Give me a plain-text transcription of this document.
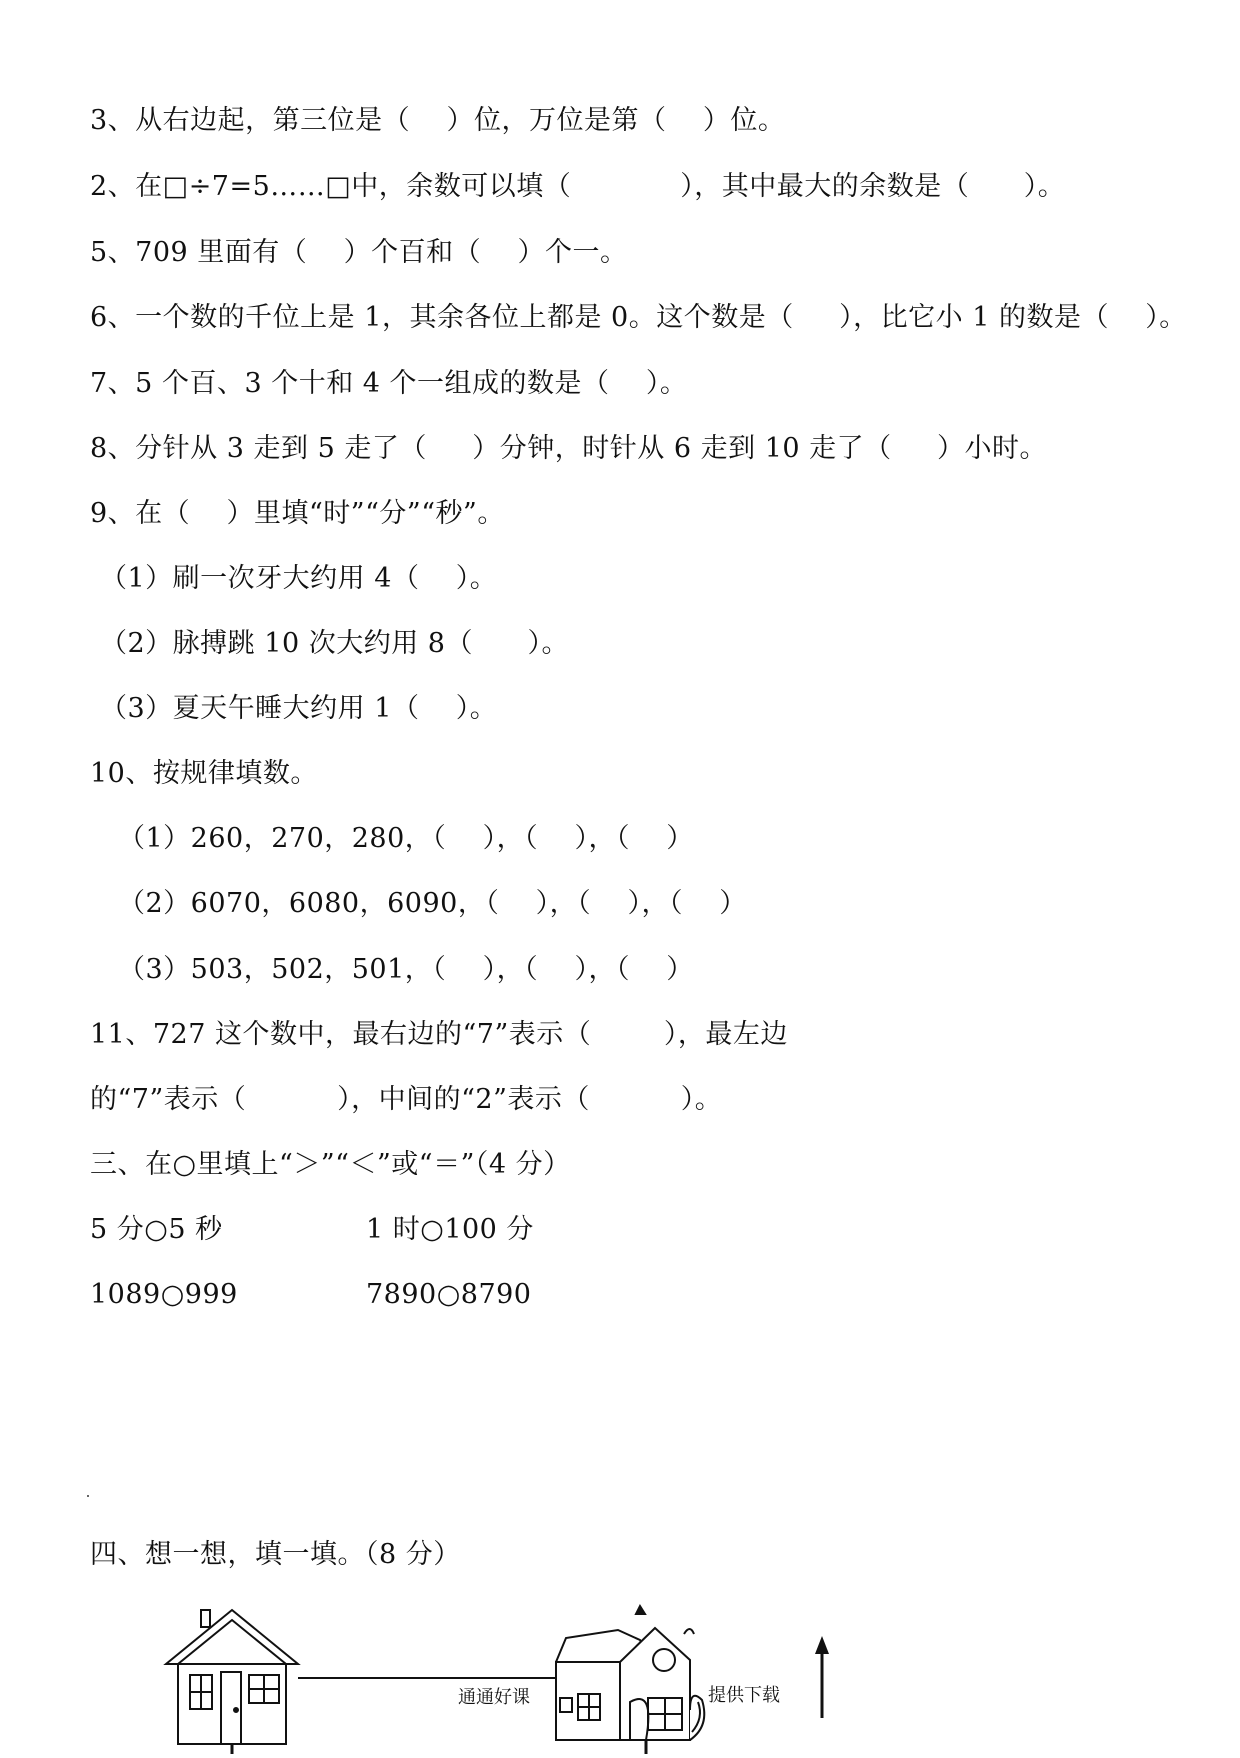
3、从右边起，第三位是（    ）位，万位是第（    ）位。
2、在□÷7=5……□中，余数可以填（            ），其中最大的余数是（      ）。
5、709 里面有（    ）个百和（    ）个一。
6、一个数的千位上是 1，其余各位上都是 0。这个数是（     ），比它小 1 的数是（    ）。
7、5 个百、3 个十和 4 个一组成的数是（    ）。
8、分针从 3 走到 5 走了（     ）分钟，时针从 6 走到 10 走了（     ）小时。
9、在（    ）里填“时”“分”“秒”。
（1）刷一次牙大约用 4（    ）。
（2）脉搏跳 10 次大约用 8（      ）。
（3）夏天午睡大约用 1（    ）。
10、按规律填数。
（1）260，270，280，（    ），（    ），（    ）
（2）6070，6080，6090，（    ），（    ），（    ）
（3）503，502，501，（    ），（    ），（    ）
11、727 这个数中，最右边的“7”表示（        ），最左边
的“7”表示（          ），中间的“2”表示（          ）。
三、在○里填上“＞”“＜”或“＝”（4 分）
5 分○5 秒	1 时○100 分
1089○999	7890○8790
四、想一想，填一填。（8 分）
通通好课	提供下载
